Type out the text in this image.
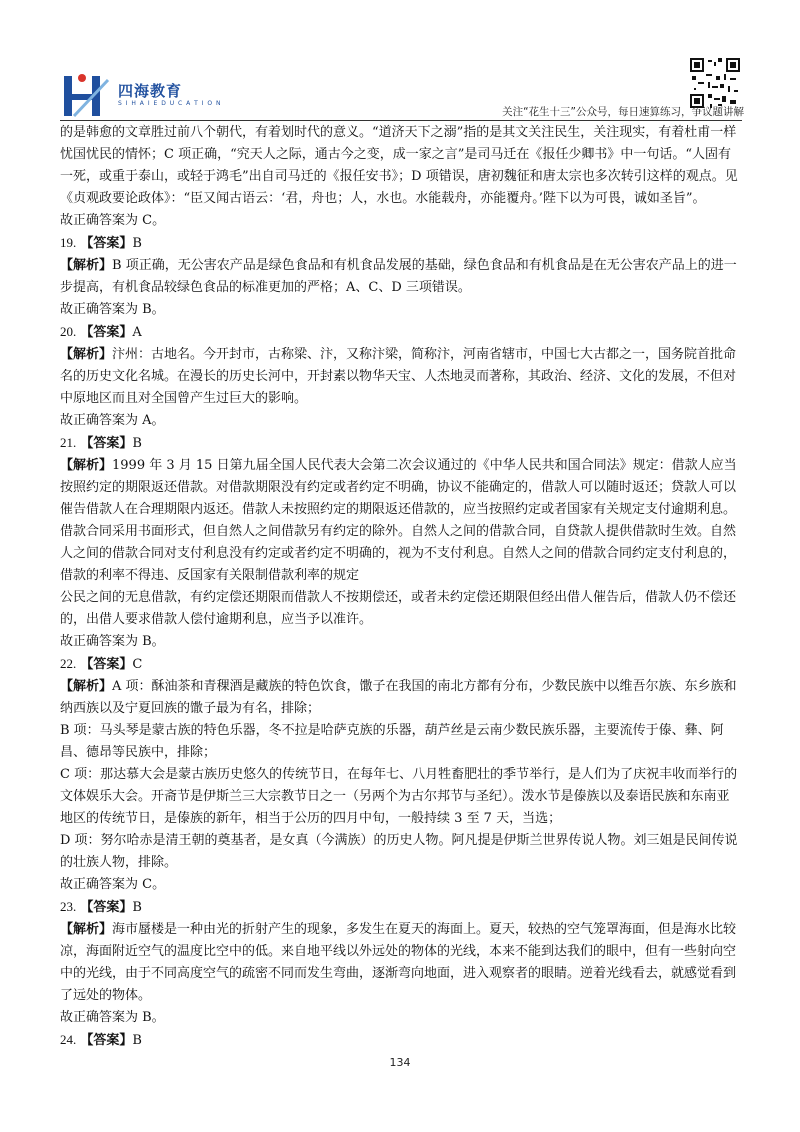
四海教育
S I H A I E D U C A T I O N
关注“花生十三”公众号，每日速算练习，争议题讲解

的是韩愈的文章胜过前八个朝代，有着划时代的意义。“道济天下之溺”指的是其文关注民生，关注现实，有着杜甫一样忧国忧民的情怀；C 项正确，“究天人之际，通古今之变，成一家之言”是司马迁在《报任少卿书》中一句话。“人固有一死，或重于泰山，或轻于鸿毛”出自司马迁的《报任安书》；D 项错误，唐初魏征和唐太宗也多次转引这样的观点。见《贞观政要论政体》：“臣又闻古语云：‘君，舟也；人，水也。水能载舟，亦能覆舟。’陛下以为可畏，诚如圣旨”。

故正确答案为 C。

19. 【答案】B

【解析】B 项正确，无公害农产品是绿色食品和有机食品发展的基础，绿色食品和有机食品是在无公害农产品上的进一步提高，有机食品较绿色食品的标准更加的严格；A、C、D 三项错误。

故正确答案为 B。

20. 【答案】A

【解析】汴州：古地名。今开封市，古称梁、汴，又称汴梁，简称汴，河南省辖市，中国七大古都之一，国务院首批命名的历史文化名城。在漫长的历史长河中，开封素以物华天宝、人杰地灵而著称，其政治、经济、文化的发展，不但对中原地区而且对全国曾产生过巨大的影响。

故正确答案为 A。

21. 【答案】B

【解析】1999 年 3 月 15 日第九届全国人民代表大会第二次会议通过的《中华人民共和国合同法》规定：借款人应当按照约定的期限返还借款。对借款期限没有约定或者约定不明确，协议不能确定的，借款人可以随时返还；贷款人可以催告借款人在合理期限内返还。借款人未按照约定的期限返还借款的，应当按照约定或者国家有关规定支付逾期利息。

借款合同采用书面形式，但自然人之间借款另有约定的除外。自然人之间的借款合同，自贷款人提供借款时生效。自然人之间的借款合同对支付利息没有约定或者约定不明确的，视为不支付利息。自然人之间的借款合同约定支付利息的，借款的利率不得违、反国家有关限制借款利率的规定

公民之间的无息借款，有约定偿还期限而借款人不按期偿还，或者未约定偿还期限但经出借人催告后，借款人仍不偿还的，出借人要求借款人偿付逾期利息，应当予以准许。

故正确答案为 B。

22. 【答案】C

【解析】A 项：酥油茶和青稞酒是藏族的特色饮食，馓子在我国的南北方都有分布，少数民族中以维吾尔族、东乡族和纳西族以及宁夏回族的馓子最为有名，排除；

B 项：马头琴是蒙古族的特色乐器，冬不拉是哈萨克族的乐器，葫芦丝是云南少数民族乐器，主要流传于傣、彝、阿昌、德昂等民族中，排除；

C 项：那达慕大会是蒙古族历史悠久的传统节日，在每年七、八月牲畜肥壮的季节举行，是人们为了庆祝丰收而举行的文体娱乐大会。开斋节是伊斯兰三大宗教节日之一（另两个为古尔邦节与圣纪）。泼水节是傣族以及泰语民族和东南亚地区的传统节日，是傣族的新年，相当于公历的四月中旬，一般持续 3 至 7 天，当选；

D 项：努尔哈赤是清王朝的奠基者，是女真（今满族）的历史人物。阿凡提是伊斯兰世界传说人物。刘三姐是民间传说的壮族人物，排除。

故正确答案为 C。

23. 【答案】B

【解析】海市蜃楼是一种由光的折射产生的现象，多发生在夏天的海面上。夏天，较热的空气笼罩海面，但是海水比较凉，海面附近空气的温度比空中的低。来自地平线以外远处的物体的光线，本来不能到达我们的眼中，但有一些射向空中的光线，由于不同高度空气的疏密不同而发生弯曲，逐渐弯向地面，进入观察者的眼睛。逆着光线看去，就感觉看到了远处的物体。

故正确答案为 B。

24. 【答案】B

134
